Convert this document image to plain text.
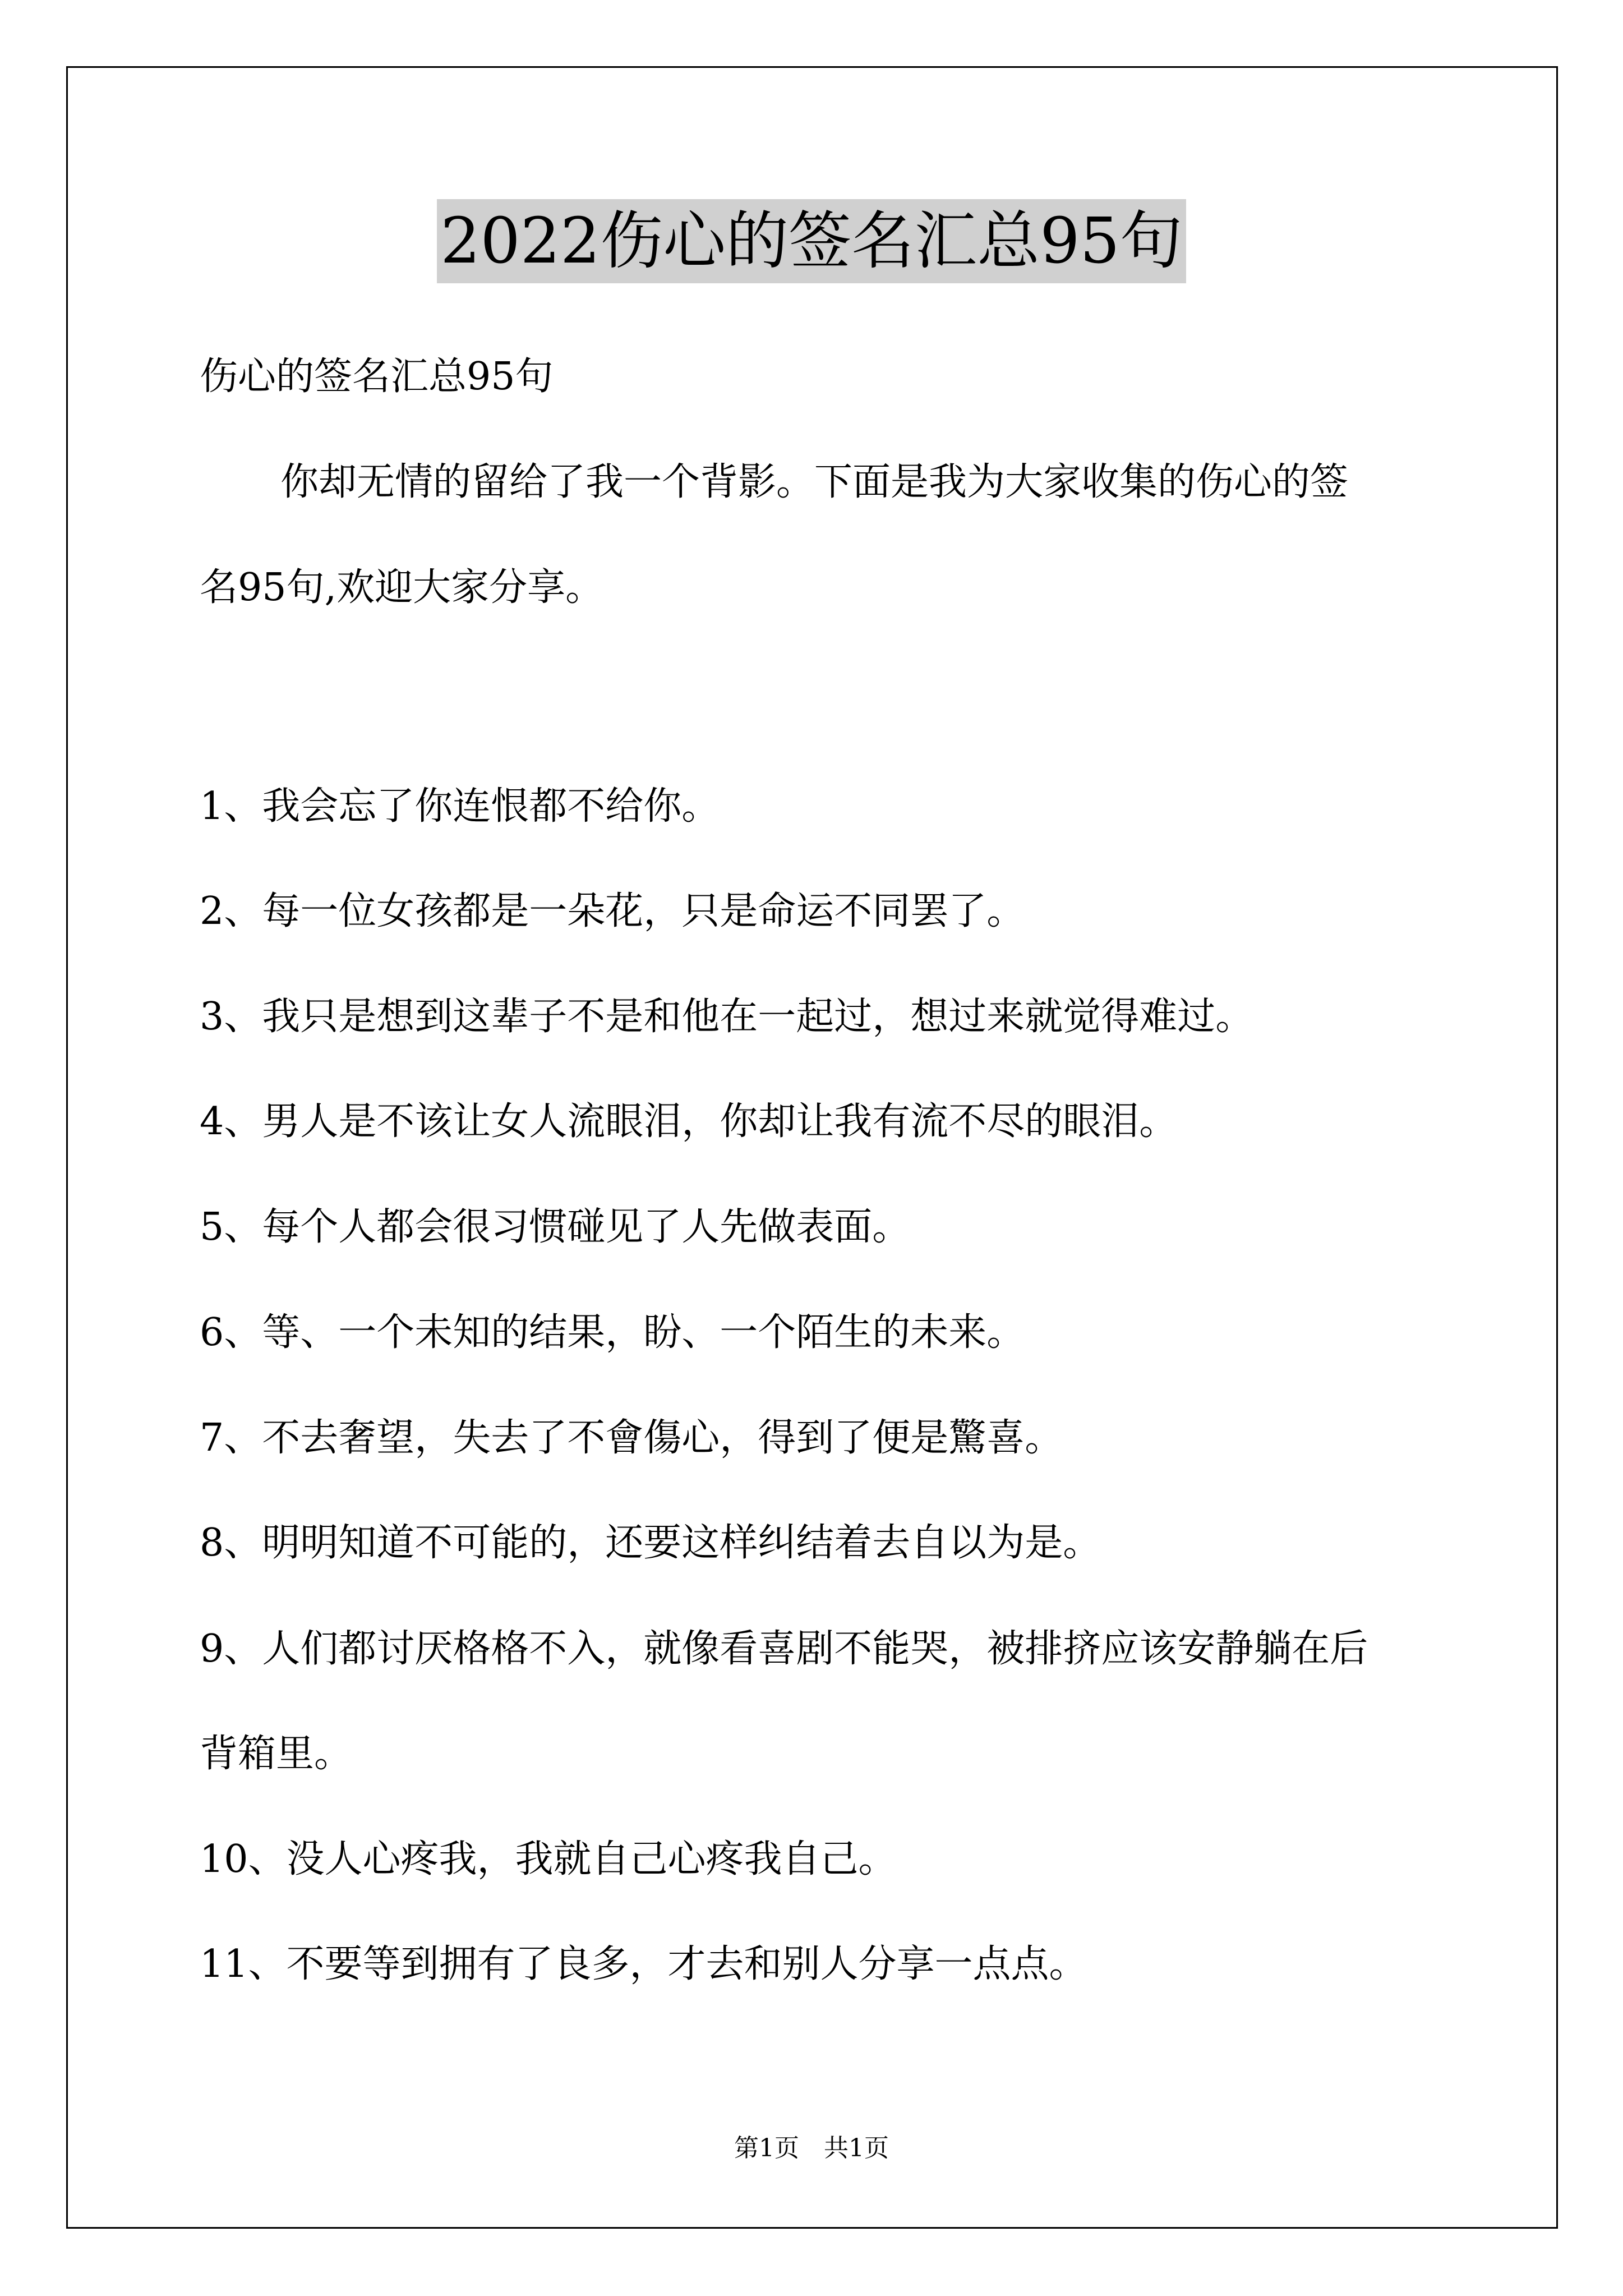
2022伤心的签名汇总95句
伤心的签名汇总95句
你却无情的留给了我一个背影。下面是我为大家收集的伤心的签
名95句,欢迎大家分享。
1、我会忘了你连恨都不给你。
2、每一位女孩都是一朵花，只是命运不同罢了。
3、我只是想到这辈子不是和他在一起过，想过来就觉得难过。
4、男人是不该让女人流眼泪，你却让我有流不尽的眼泪。
5、每个人都会很习惯碰见了人先做表面。
6、等、一个未知的结果，盼、一个陌生的未来。
7、不去奢望，失去了不會傷心，得到了便是驚喜。
8、明明知道不可能的，还要这样纠结着去自以为是。
9、人们都讨厌格格不入，就像看喜剧不能哭，被排挤应该安静躺在后
背箱里。
10、没人心疼我，我就自己心疼我自己。
11、不要等到拥有了良多，才去和别人分享一点点。
第1页　共1页
